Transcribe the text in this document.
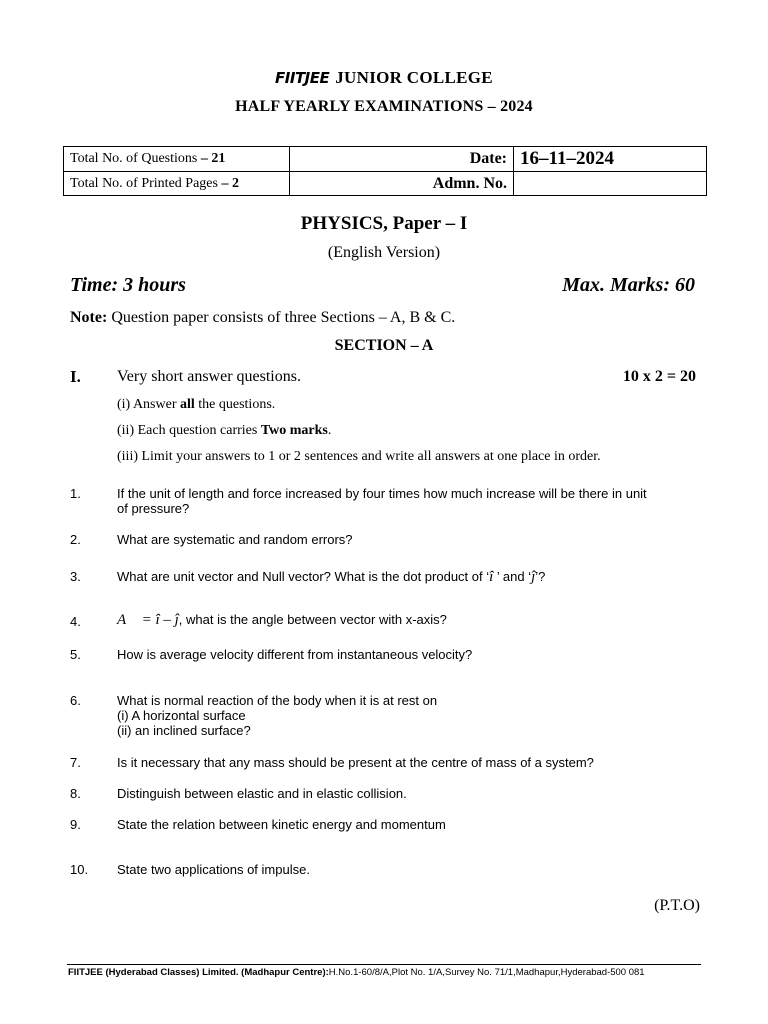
FIITJEE JUNIOR COLLEGE
HALF YEARLY EXAMINATIONS – 2024
Total No. of Questions – 21	Date:	16–11–2024
Total No. of Printed Pages – 2	Admn. No.	
PHYSICS, Paper – I
(English Version)
Time: 3 hours	Max. Marks: 60
Note: Question paper consists of three Sections – A, B & C.
SECTION – A
I. Very short answer questions.	10 x 2 = 20
(i) Answer all the questions.
(ii) Each question carries Two marks.
(iii) Limit your answers to 1 or 2 sentences and write all answers at one place in order.
1.	If the unit of length and force increased by four times how much increase will be there in unit
of pressure?
2.	What are systematic and random errors?
3.	What are unit vector and Null vector? What is the dot product of ‘î ’ and ‘ĵ’?
4. A⃗ = î – ĵ, what is the angle between vector with x-axis?
5.	How is average velocity different from instantaneous velocity?
6.	What is normal reaction of the body when it is at rest on
(i) A horizontal surface
(ii) an inclined surface?
7.	Is it necessary that any mass should be present at the centre of mass of a system?
8.	Distinguish between elastic and in elastic collision.
9.	State the relation between kinetic energy and momentum
10. State two applications of impulse.
(P.T.O)
FIITJEE (Hyderabad Classes) Limited. (Madhapur Centre):H.No.1-60/8/A,Plot No. 1/A,Survey No. 71/1,Madhapur,Hyderabad-500 081
